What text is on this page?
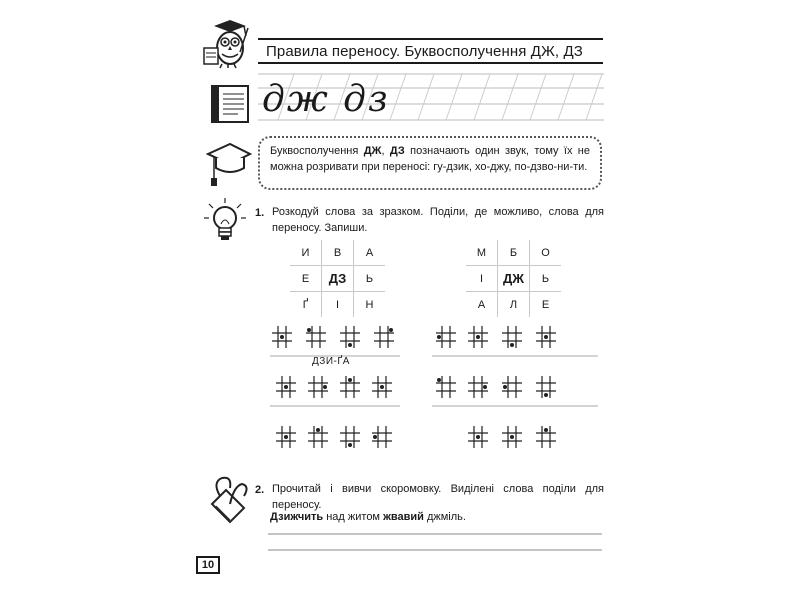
Правила переносу. Буквосполучення ДЖ, ДЗ
дж дз
Буквосполучення ДЖ, ДЗ позначають один звук, тому їх не можна розривати при переносі: гу-дзик, хо-джу, по-дзво-ни-ти.
1. Розкодуй слова за зразком. Поділи, де можливо, слова для переносу. Запиши.
И	В	А
Е	ДЗ	Ь
Ґ	І	Н
М	Б	О
І	ДЖ	Ь
А	Л	Е
ДЗИ-ҐА
2. Прочитай і вивчи скоромовку. Виділені слова поділи для переносу.
Дзижчить над житом жвавий джміль.
10
